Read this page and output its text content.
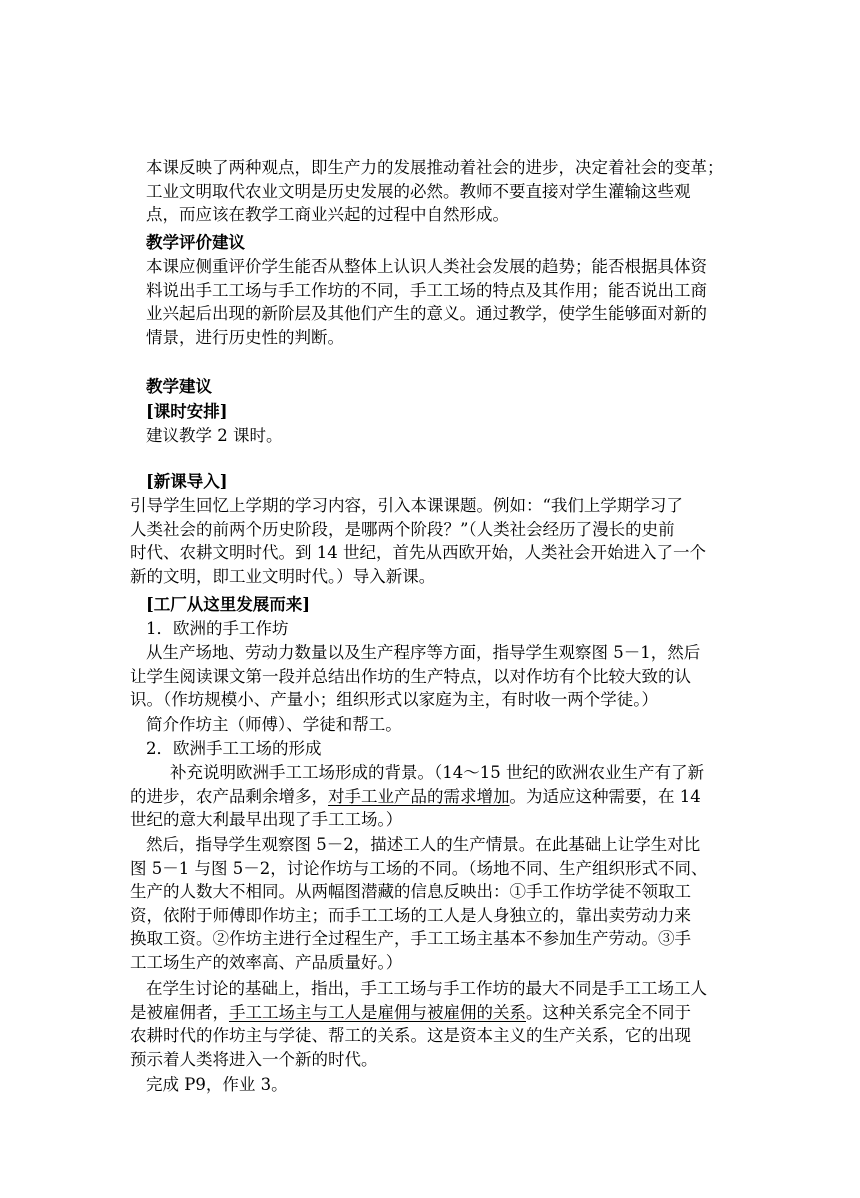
本课反映了两种观点，即生产力的发展推动着社会的进步，决定着社会的变革；
工业文明取代农业文明是历史发展的必然。教师不要直接对学生灌输这些观
点，而应该在教学工商业兴起的过程中自然形成。
教学评价建议
本课应侧重评价学生能否从整体上认识人类社会发展的趋势；能否根据具体资
料说出手工工场与手工作坊的不同，手工工场的特点及其作用；能否说出工商
业兴起后出现的新阶层及其他们产生的意义。通过教学，使学生能够面对新的
情景，进行历史性的判断。
教学建议
[课时安排]
建议教学 2 课时。
[新课导入]
引导学生回忆上学期的学习内容，引入本课课题。例如：“我们上学期学习了
人类社会的前两个历史阶段，是哪两个阶段？”（人类社会经历了漫长的史前
时代、农耕文明时代。到 14 世纪，首先从西欧开始，人类社会开始进入了一个
新的文明，即工业文明时代。）导入新课。
[工厂从这里发展而来]
1．欧洲的手工作坊
从生产场地、劳动力数量以及生产程序等方面，指导学生观察图 5－1，然后
让学生阅读课文第一段并总结出作坊的生产特点，以对作坊有个比较大致的认
识。（作坊规模小、产量小；组织形式以家庭为主，有时收一两个学徒。）
简介作坊主（师傅）、学徒和帮工。
2．欧洲手工工场的形成
补充说明欧洲手工工场形成的背景。（14～15 世纪的欧洲农业生产有了新
的进步，农产品剩余增多，对手工业产品的需求增加。为适应这种需要，在 14
世纪的意大利最早出现了手工工场。）
然后，指导学生观察图 5－2，描述工人的生产情景。在此基础上让学生对比
图 5－1 与图 5－2，讨论作坊与工场的不同。（场地不同、生产组织形式不同、
生产的人数大不相同。从两幅图潜藏的信息反映出：①手工作坊学徒不领取工
资，依附于师傅即作坊主；而手工工场的工人是人身独立的，靠出卖劳动力来
换取工资。②作坊主进行全过程生产，手工工场主基本不参加生产劳动。③手
工工场生产的效率高、产品质量好。）
在学生讨论的基础上，指出，手工工场与手工作坊的最大不同是手工工场工人
是被雇佣者，手工工场主与工人是雇佣与被雇佣的关系。这种关系完全不同于
农耕时代的作坊主与学徒、帮工的关系。这是资本主义的生产关系，它的出现
预示着人类将进入一个新的时代。
完成 P9，作业 3。
